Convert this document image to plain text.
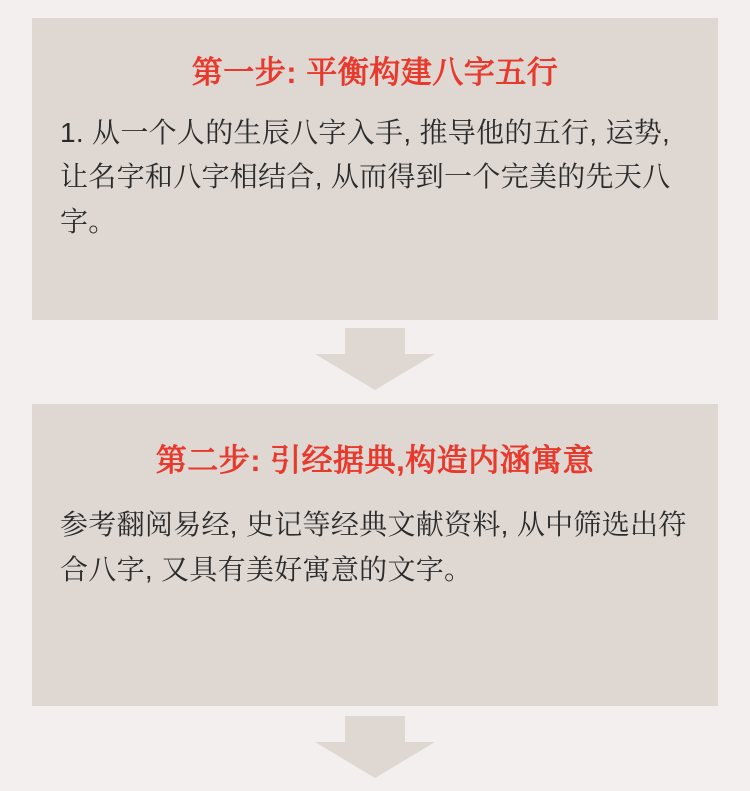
第一步: 平衡构建八字五行
1. 从一个人的生辰八字入手, 推导他的五行, 运势, 让名字和八字相结合, 从而得到一个完美的先天八字。
第二步: 引经据典,构造内涵寓意
参考翻阅易经, 史记等经典文献资料, 从中筛选出符合八字, 又具有美好寓意的文字。
